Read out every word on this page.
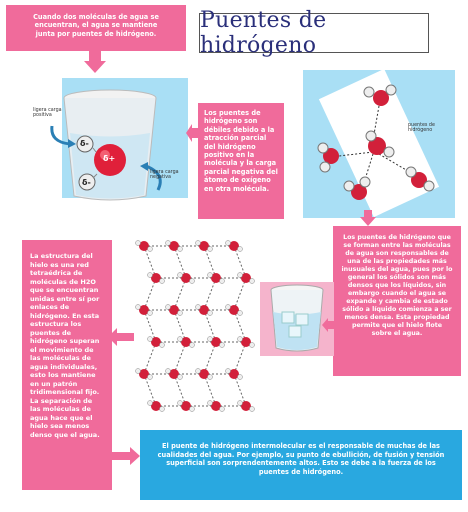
Cuando dos moléculas de agua se encuentran, el agua se mantiene junta por puentes de hidrógeno.
Puentes de hidrógeno
δ+
δ-
δ-
ligera carga positiva
ligera carga negativa
Los puentes de hidrógeno son débiles debido a la atracción parcial del hidrógeno positivo en la molécula y la carga parcial negativa del átomo de oxígeno en otra molécula.
puentes de hidrógeno
Los puentes de hidrógeno que se forman entre las moléculas de agua son responsables de una de las propiedades más inusuales del agua, pues por lo general los sólidos son más densos que los líquidos, sin embargo cuando el agua se expande y cambia de estado sólido a líquido comienza a ser menos densa. Esta propiedad permite que el hielo flote sobre el agua.
La estructura del hielo es una red tetraédrica de moléculas de H2O que se encuentran unidas entre sí por enlaces de hidrógeno. En esta estructura los puentes de hidrógeno superan el movimiento de las moléculas de agua individuales, esto los mantiene en un patrón tridimensional fijo. La separación de las moléculas de agua hace que el hielo sea menos denso que el agua.
El puente de hidrógeno intermolecular es el responsable de muchas de las cualidades del agua. Por ejemplo, su punto de ebullición, de fusión y tensión superficial son sorprendentemente altos. Esto se debe a la fuerza de los puentes de hidrógeno.
